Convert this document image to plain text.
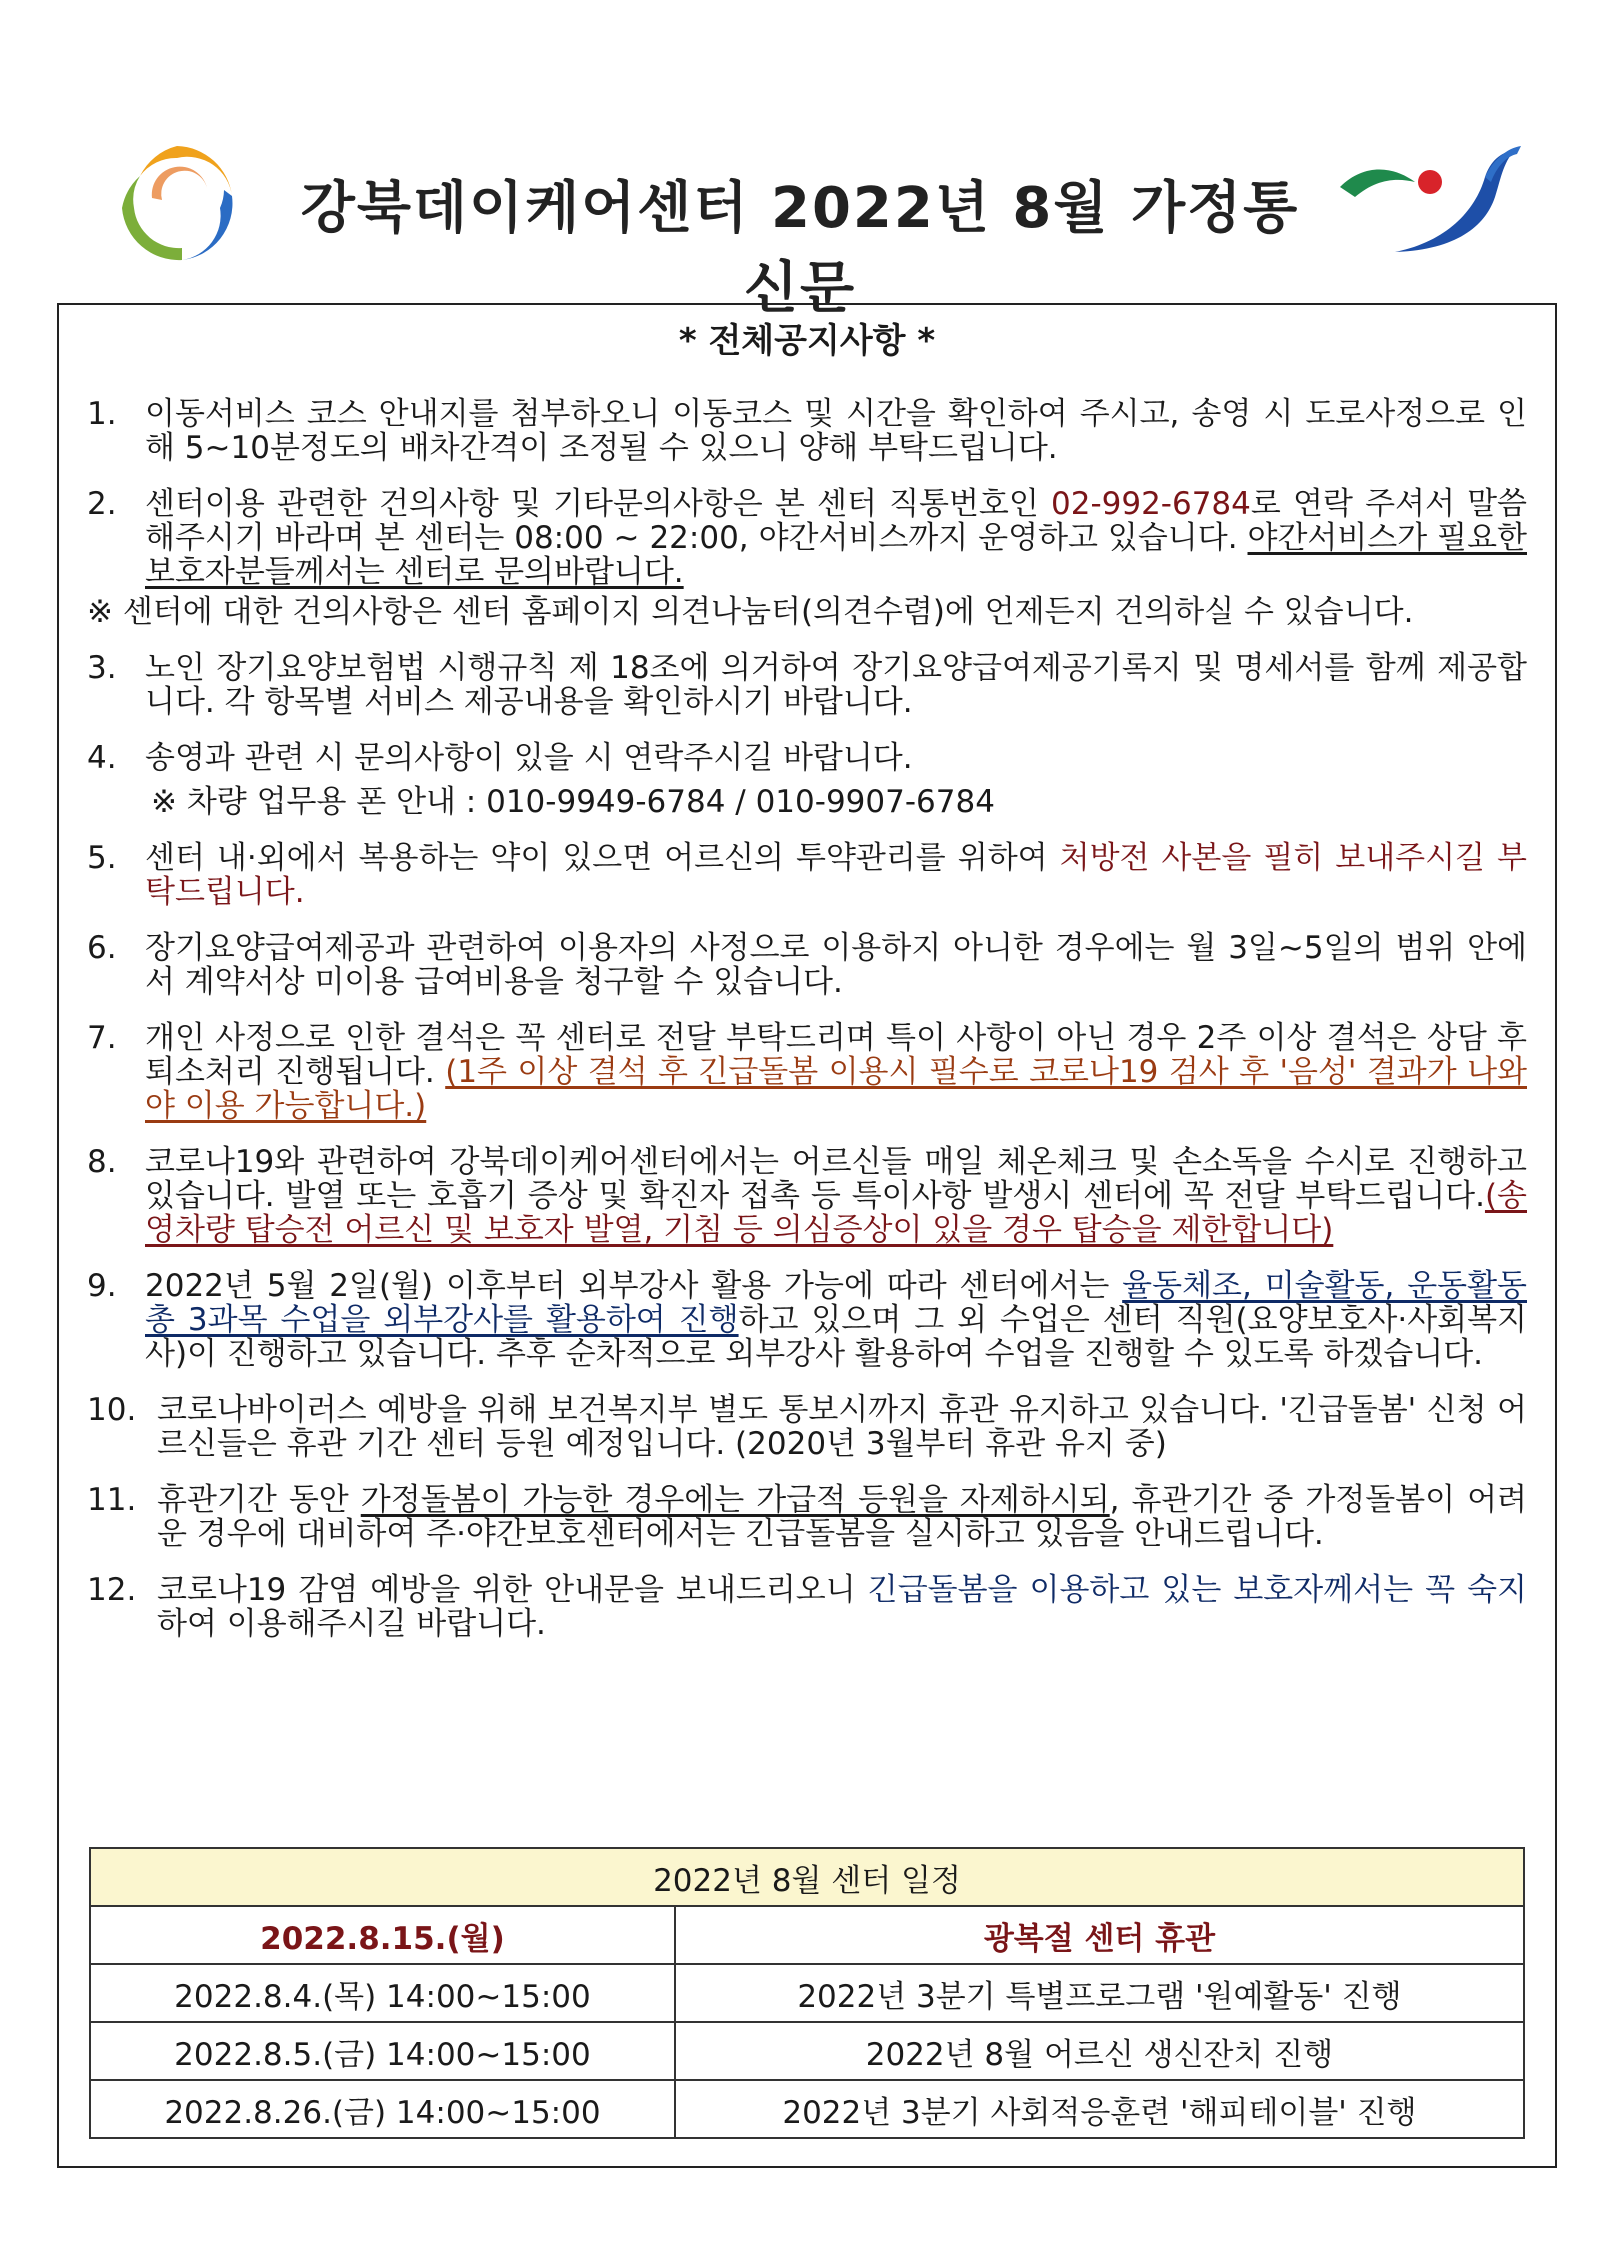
강북데이케어센터 2022년 8월 가정통신문
* 전체공지사항 *
1. 이동서비스 코스 안내지를 첨부하오니 이동코스 및 시간을 확인하여 주시고, 송영 시 도로사정으로 인해 5~10분정도의 배차간격이 조정될 수 있으니 양해 부탁드립니다.
2. 센터이용 관련한 건의사항 및 기타문의사항은 본 센터 직통번호인 02-992-6784로 연락 주셔서 말씀해주시기 바라며 본 센터는 08:00 ~ 22:00, 야간서비스까지 운영하고 있습니다. 야간서비스가 필요한 보호자분들께서는 센터로 문의바랍니다.
※ 센터에 대한 건의사항은 센터 홈페이지 의견나눔터(의견수렴)에 언제든지 건의하실 수 있습니다.
3. 노인 장기요양보험법 시행규칙 제 18조에 의거하여 장기요양급여제공기록지 및 명세서를 함께 제공합니다. 각 항목별 서비스 제공내용을 확인하시기 바랍니다.
4. 송영과 관련 시 문의사항이 있을 시 연락주시길 바랍니다.
※ 차량 업무용 폰 안내 : 010-9949-6784 / 010-9907-6784
5. 센터 내·외에서 복용하는 약이 있으면 어르신의 투약관리를 위하여 처방전 사본을 필히 보내주시길 부탁드립니다.
6. 장기요양급여제공과 관련하여 이용자의 사정으로 이용하지 아니한 경우에는 월 3일~5일의 범위 안에서 계약서상 미이용 급여비용을 청구할 수 있습니다.
7. 개인 사정으로 인한 결석은 꼭 센터로 전달 부탁드리며 특이 사항이 아닌 경우 2주 이상 결석은 상담 후 퇴소처리 진행됩니다. (1주 이상 결석 후 긴급돌봄 이용시 필수로 코로나19 검사 후 '음성' 결과가 나와야 이용 가능합니다.)
8. 코로나19와 관련하여 강북데이케어센터에서는 어르신들 매일 체온체크 및 손소독을 수시로 진행하고 있습니다. 발열 또는 호흡기 증상 및 확진자 접촉 등 특이사항 발생시 센터에 꼭 전달 부탁드립니다.(송영차량 탑승전 어르신 및 보호자 발열, 기침 등 의심증상이 있을 경우 탑승을 제한합니다)
9. 2022년 5월 2일(월) 이후부터 외부강사 활용 가능에 따라 센터에서는 율동체조, 미술활동, 운동활동 총 3과목 수업을 외부강사를 활용하여 진행하고 있으며 그 외 수업은 센터 직원(요양보호사·사회복지사)이 진행하고 있습니다. 추후 순차적으로 외부강사 활용하여 수업을 진행할 수 있도록 하겠습니다.
10. 코로나바이러스 예방을 위해 보건복지부 별도 통보시까지 휴관 유지하고 있습니다. '긴급돌봄' 신청 어르신들은 휴관 기간 센터 등원 예정입니다. (2020년 3월부터 휴관 유지 중)
11. 휴관기간 동안 가정돌봄이 가능한 경우에는 가급적 등원을 자제하시되, 휴관기간 중 가정돌봄이 어려운 경우에 대비하여 주·야간보호센터에서는 긴급돌봄을 실시하고 있음을 안내드립니다.
12. 코로나19 감염 예방을 위한 안내문을 보내드리오니 긴급돌봄을 이용하고 있는 보호자께서는 꼭 숙지하여 이용해주시길 바랍니다.
2022년 8월 센터 일정	
2022.8.15.(월)	광복절 센터 휴관
2022.8.4.(목) 14:00~15:00	2022년 3분기 특별프로그램 '원예활동' 진행
2022.8.5.(금) 14:00~15:00	2022년 8월 어르신 생신잔치 진행
2022.8.26.(금) 14:00~15:00	2022년 3분기 사회적응훈련 '해피테이블' 진행
